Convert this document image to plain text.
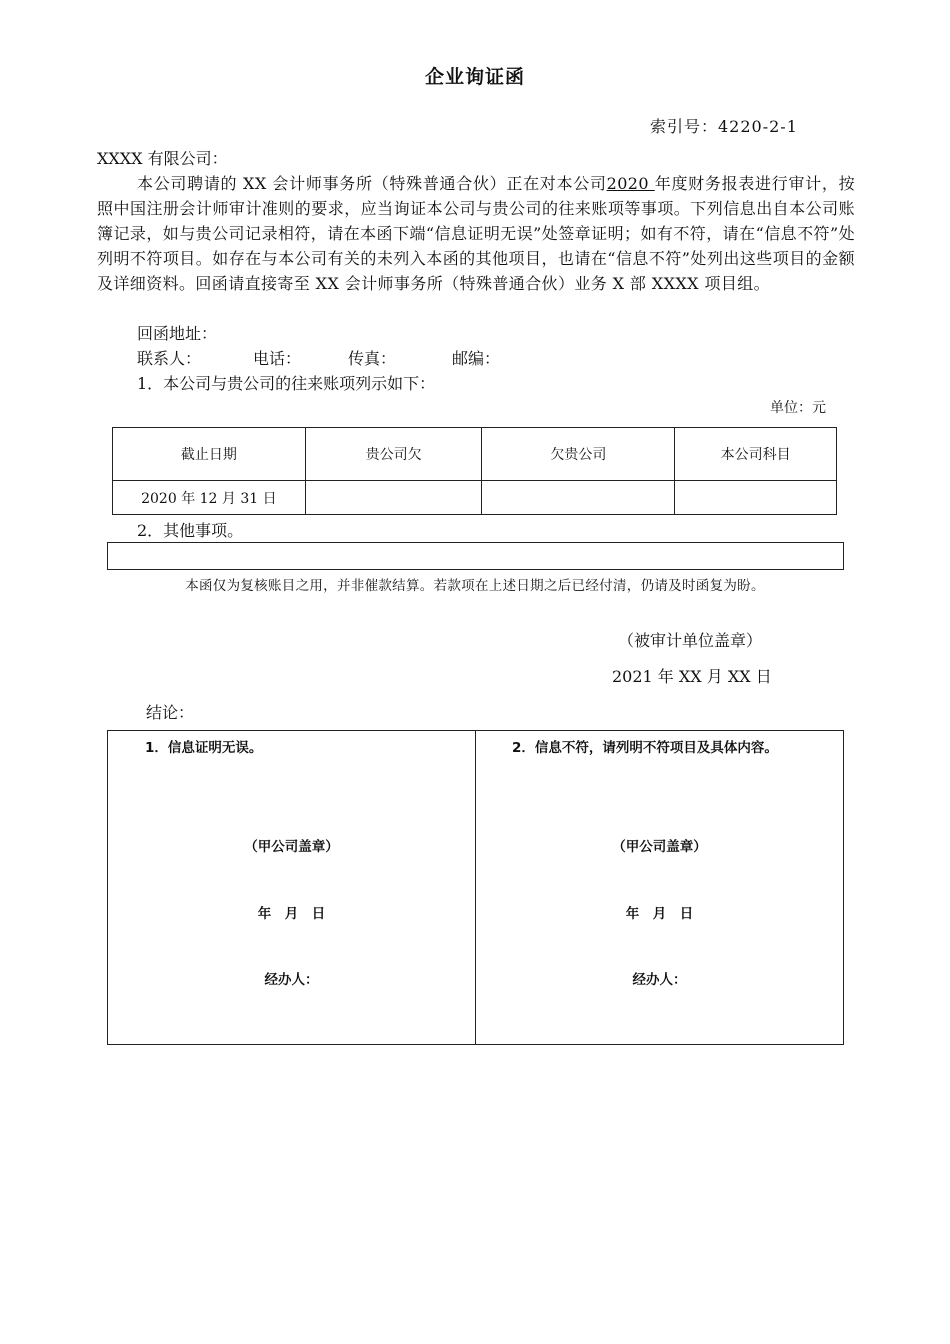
企业询证函
索引号：4220-2-1
XXXX 有限公司：
本公司聘请的 XX 会计师事务所（特殊普通合伙）正在对本公司2020 年度财务报表进行审计，按照中国注册会计师审计准则的要求，应当询证本公司与贵公司的往来账项等事项。下列信息出自本公司账簿记录，如与贵公司记录相符，请在本函下端“信息证明无误”处签章证明；如有不符，请在“信息不符”处列明不符项目。如存在与本公司有关的未列入本函的其他项目，也请在“信息不符”处列出这些项目的金额及详细资料。回函请直接寄至 XX 会计师事务所（特殊普通合伙）业务 X 部 XXXX 项目组。
回函地址：
联系人：	电话：	传真：	邮编：
1．本公司与贵公司的往来账项列示如下：
单位：元
截止日期	贵公司欠	欠贵公司	本公司科目
2020 年 12 月 31 日			
2．其他事项。
本函仅为复核账目之用，并非催款结算。若款项在上述日期之后已经付清，仍请及时函复为盼。
（被审计单位盖章）
2021 年 XX 月 XX 日
结论：
1．信息证明无误。
（甲公司盖章）
年　月　日
经办人：
2．信息不符，请列明不符项目及具体内容。
（甲公司盖章）
年　月　日
经办人：
